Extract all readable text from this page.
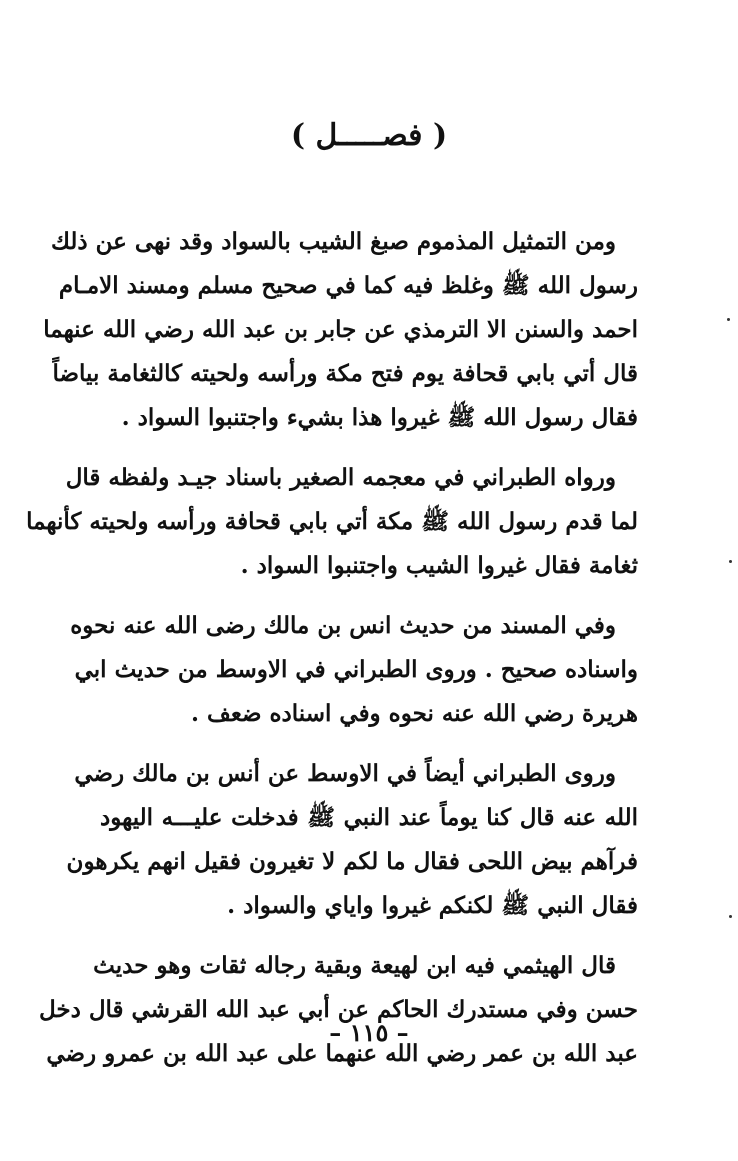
( فصـــــل )
ومن التمثيل المذموم صبغ الشيب بالسواد وقد نهى عن ذلك
رسول الله ﷺ وغلظ فيه كما في صحيح مسلم ومسند الامـام
احمد والسنن الا الترمذي عن جابر بن عبد الله رضي الله عنهما
قال أتي بابي قحافة يوم فتح مكة ورأسه ولحيته كالثغامة بياضاً
فقال رسول الله ﷺ غيروا هذا بشيء واجتنبوا السواد .
ورواه الطبراني في معجمه الصغير باسناد جيـد ولفظه قال
لما قدم رسول الله ﷺ مكة أتي بابي قحافة ورأسه ولحيته كأنهما
ثغامة فقال غيروا الشيب واجتنبوا السواد .
وفي المسند من حديث انس بن مالك رضى الله عنه نحوه
واسناده صحيح . وروى الطبراني في الاوسط من حديث ابي
هريرة رضي الله عنه نحوه وفي اسناده ضعف .
وروى الطبراني أيضاً في الاوسط عن أنس بن مالك رضي
الله عنه قال كنا يوماً عند النبي ﷺ فدخلت عليـــه اليهود
فرآهم بيض اللحى فقال ما لكم لا تغيرون فقيل انهم يكرهون
فقال النبي ﷺ لكنكم غيروا واياي والسواد .
قال الهيثمي فيه ابن لهيعة وبقية رجاله ثقات وهو حديث
حسن وفي مستدرك الحاكم عن أبي عبد الله القرشي قال دخل
عبد الله بن عمر رضي الله عنهما على عبد الله بن عمرو رضي
– ١١٥ –
